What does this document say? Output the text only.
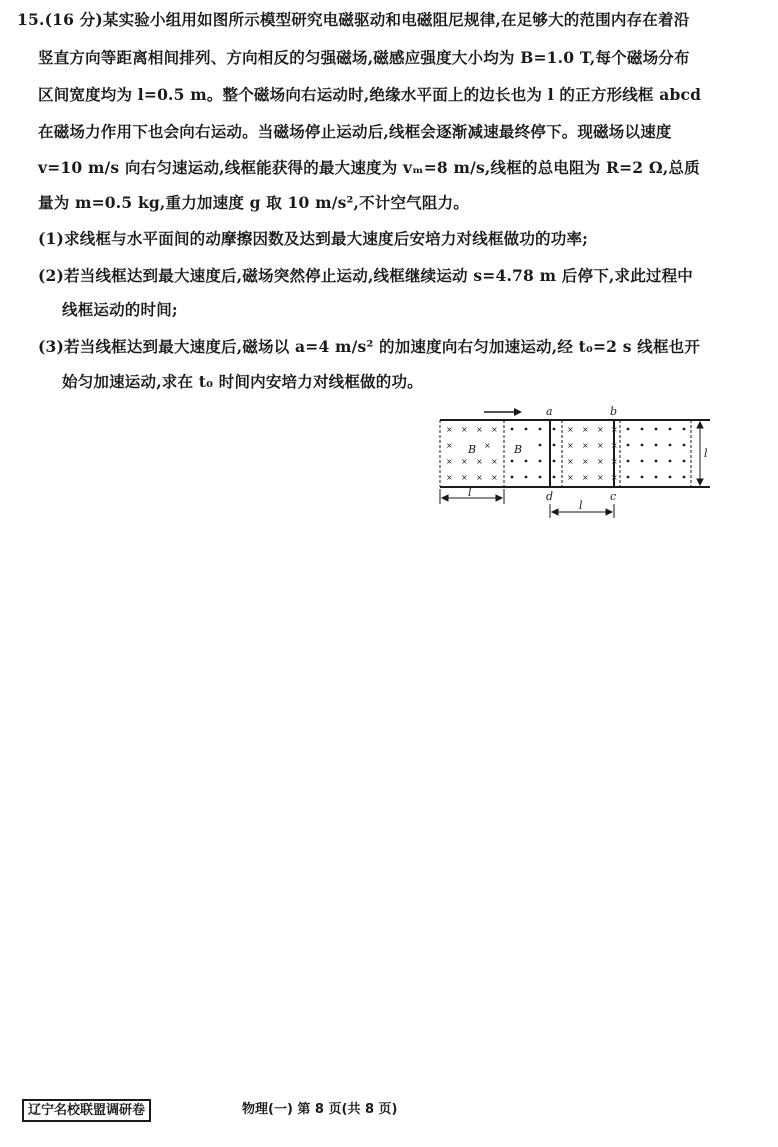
15.(16 分)某实验小组用如图所示模型研究电磁驱动和电磁阻尼规律,在足够大的范围内存在着沿
竖直方向等距离相间排列、方向相反的匀强磁场,磁感应强度大小均为 B=1.0 T,每个磁场分布
区间宽度均为 l=0.5 m。整个磁场向右运动时,绝缘水平面上的边长也为 l 的正方形线框 abcd
在磁场力作用下也会向右运动。当磁场停止运动后,线框会逐渐减速最终停下。现磁场以速度
v=10 m/s 向右匀速运动,线框能获得的最大速度为 vₘ=8 m/s,线框的总电阻为 R=2 Ω,总质
量为 m=0.5 kg,重力加速度 g 取 10 m/s²,不计空气阻力。
(1)求线框与水平面间的动摩擦因数及达到最大速度后安培力对线框做功的功率;
(2)若当线框达到最大速度后,磁场突然停止运动,线框继续运动 s=4.78 m 后停下,求此过程中
线框运动的时间;
(3)若当线框达到最大速度后,磁场以 a=4 m/s² 的加速度向右匀加速运动,经 t₀=2 s 线框也开
始匀加速运动,求在 t₀ 时间内安培力对线框做的功。
× × × ×
×	×
× × × ×
× × × ×
× × × ×
× × × ×
× × × ×
× × × ×
B	B
a	b
d	c
l
l
l
辽宁名校联盟调研卷	物理(一) 第 8 页(共 8 页)
